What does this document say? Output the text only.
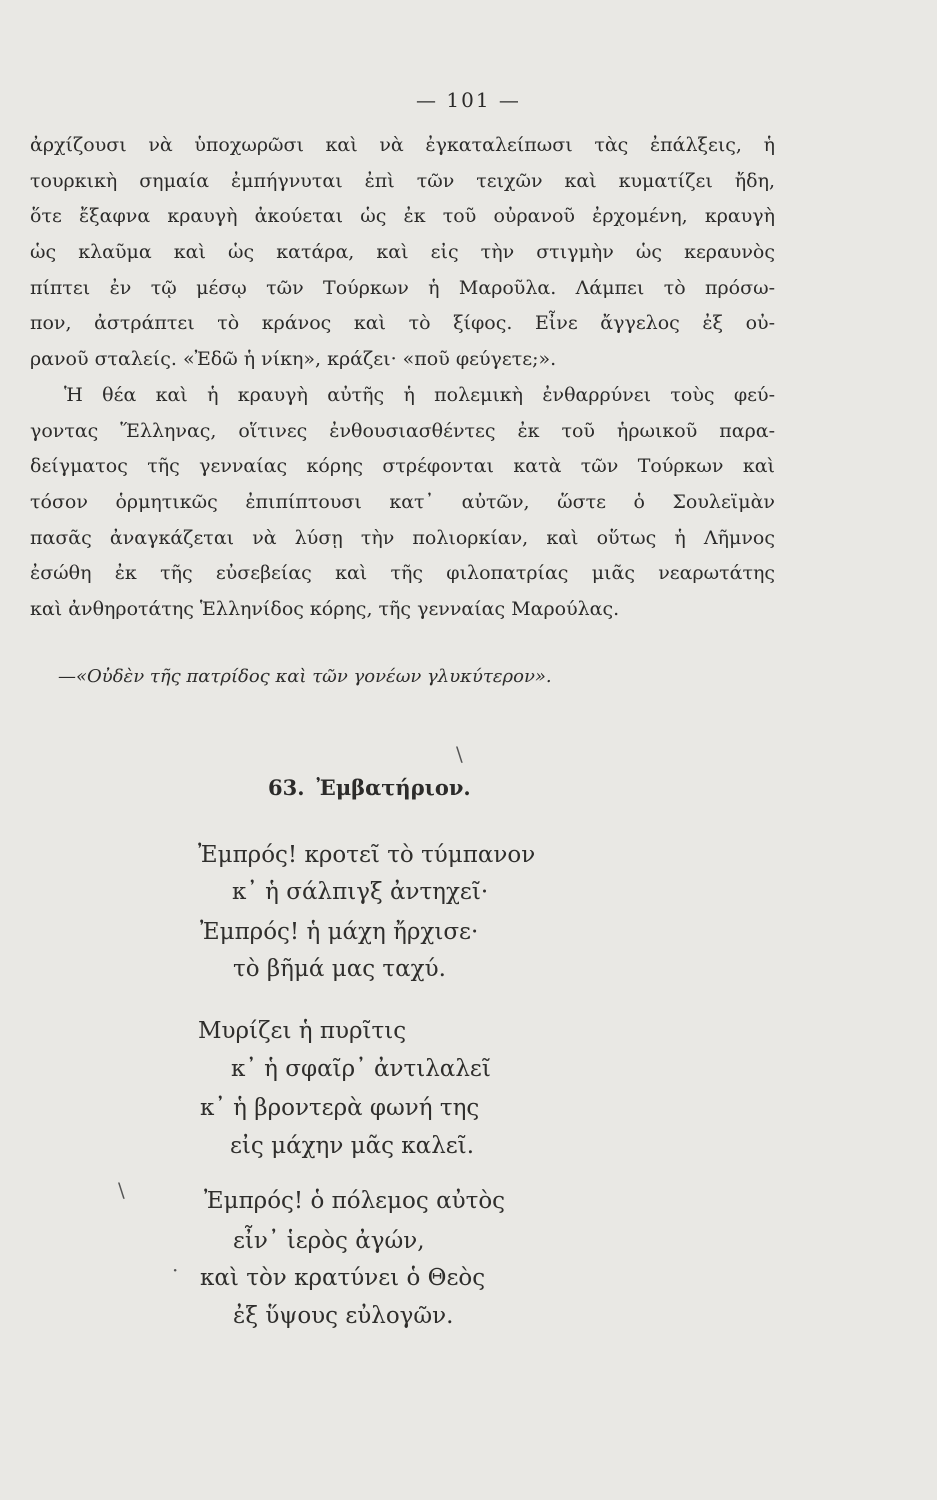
— 101 —
ἀρχίζουσι νὰ ὑποχωρῶσι καὶ νὰ ἐγκαταλείπωσι τὰς ἐπάλξεις, ἡ
τουρκικὴ σημαία ἐμπήγνυται ἐπὶ τῶν τειχῶν καὶ κυματίζει ἤδη,
ὅτε ἔξαφνα κραυγὴ ἀκούεται ὡς ἐκ τοῦ οὐρανοῦ ἐρχομένη, κραυγὴ
ὡς κλαῦμα καὶ ὡς κατάρα, καὶ εἰς τὴν στιγμὴν ὡς κεραυνὸς
πίπτει ἐν τῷ μέσῳ τῶν Τούρκων ἡ Μαροῦλα. Λάμπει τὸ πρόσω-
πον, ἀστράπτει τὸ κράνος καὶ τὸ ξίφος. Εἶνε ἄγγελος ἐξ οὐ-
ρανοῦ σταλείς. «Ἐδῶ ἡ νίκη», κράζει· «ποῦ φεύγετε;».
Ἡ θέα καὶ ἡ κραυγὴ αὐτῆς ἡ πολεμικὴ ἐνθαρρύνει τοὺς φεύ-
γοντας Ἕλληνας, οἵτινες ἐνθουσιασθέντες ἐκ τοῦ ἡρωικοῦ παρα-
δείγματος τῆς γενναίας κόρης στρέφονται κατὰ τῶν Τούρκων καὶ
τόσον ὁρμητικῶς ἐπιπίπτουσι κατ᾿ αὐτῶν, ὥστε ὁ Σουλεϊμὰν
πασᾶς ἀναγκάζεται νὰ λύσῃ τὴν πολιορκίαν, καὶ οὕτως ἡ Λῆμνος
ἐσώθη ἐκ τῆς εὐσεβείας καὶ τῆς φιλοπατρίας μιᾶς νεαρωτάτης
καὶ ἀνθηροτάτης Ἑλληνίδος κόρης, τῆς γενναίας Μαρούλας.
—«Οὐδὲν τῆς πατρίδος καὶ τῶν γονέων γλυκύτερον».
63. Ἐμβατήριον.
\
\
·
Ἐμπρός! κροτεῖ τὸ τύμπανον
κ᾿ ἡ σάλπιγξ ἀντηχεῖ·
Ἐμπρός! ἡ μάχη ἤρχισε·
τὸ βῆμά μας ταχύ.
Μυρίζει ἡ πυρῖτις
κ᾿ ἡ σφαῖρ᾿ ἀντιλαλεῖ
κ᾿ ἡ βροντερὰ φωνή της
εἰς μάχην μᾶς καλεῖ.
Ἐμπρός! ὁ πόλεμος αὐτὸς
εἶν᾿ ἱερὸς ἀγών,
καὶ τὸν κρατύνει ὁ Θεὸς
ἐξ ὕψους εὐλογῶν.
